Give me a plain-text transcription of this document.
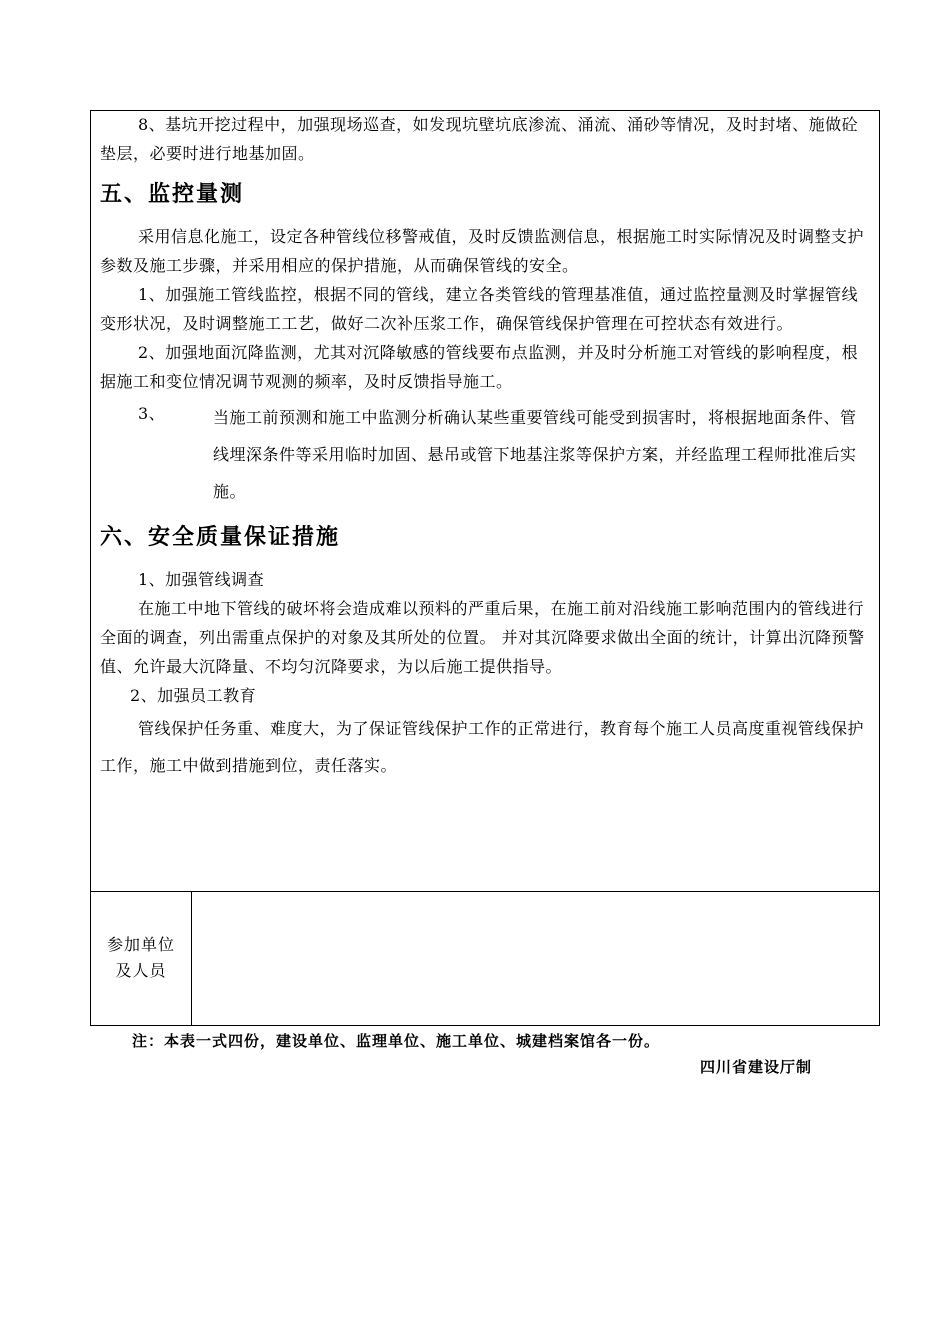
参加单位
及人员

8、基坑开挖过程中，加强现场巡查，如发现坑壁坑底渗流、涌流、涌砂等情况，及时封堵、施做砼垫层，必要时进行地基加固。

五、监控量测

采用信息化施工，设定各种管线位移警戒值，及时反馈监测信息，根据施工时实际情况及时调整支护参数及施工步骤，并采用相应的保护措施，从而确保管线的安全。

1、加强施工管线监控，根据不同的管线，建立各类管线的管理基准值，通过监控量测及时掌握管线变形状况，及时调整施工工艺，做好二次补压浆工作，确保管线保护管理在可控状态有效进行。

2、加强地面沉降监测，尤其对沉降敏感的管线要布点监测，并及时分析施工对管线的影响程度，根据施工和变位情况调节观测的频率，及时反馈指导施工。

3、	当施工前预测和施工中监测分析确认某些重要管线可能受到损害时，将根据地面条件、管线埋深条件等采用临时加固、悬吊或管下地基注浆等保护方案，并经监理工程师批准后实施。
六、安全质量保证措施

1、加强管线调查

在施工中地下管线的破坏将会造成难以预料的严重后果，在施工前对沿线施工影响范围内的管线进行全面的调查，列出需重点保护的对象及其所处的位置。 并对其沉降要求做出全面的统计，计算出沉降预警值、允许最大沉降量、不均匀沉降要求，为以后施工提供指导。

2、加强员工教育

管线保护任务重、难度大，为了保证管线保护工作的正常进行，教育每个施工人员高度重视管线保护工作，施工中做到措施到位，责任落实。

注：本表一式四份，建设单位、监理单位、施工单位、城建档案馆各一份。
四川省建设厅制
